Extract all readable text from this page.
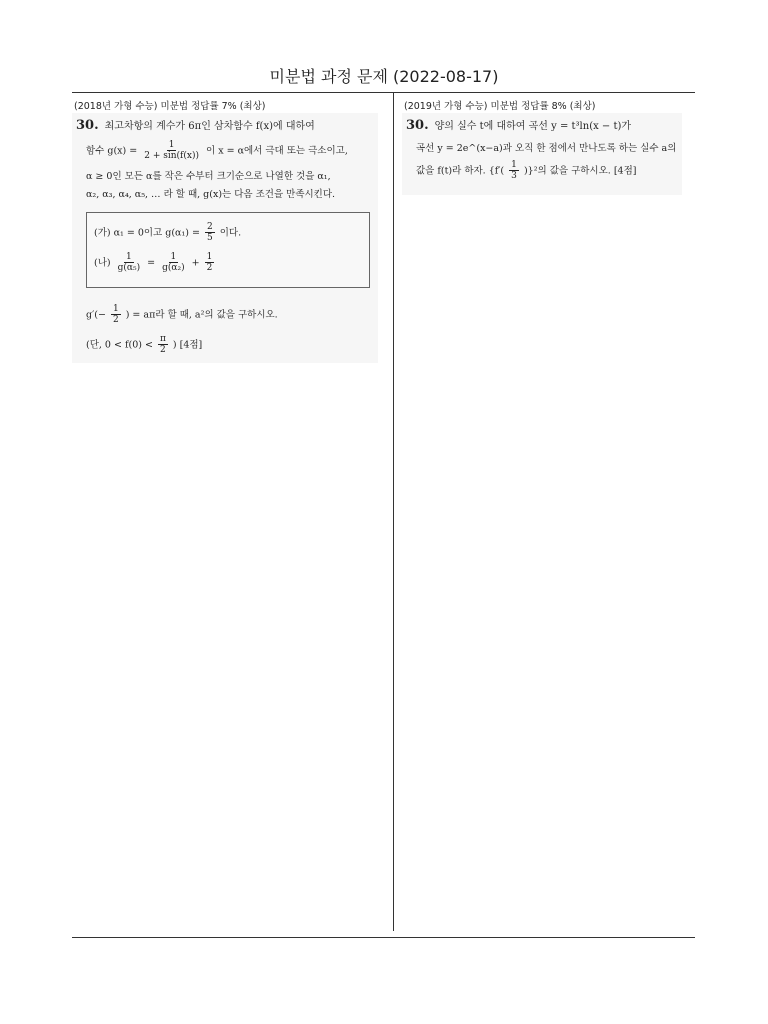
미분법 과정 문제 (2022-08-17)
(2018년 가형 수능) 미분법 정답률 7% (최상)
30. 최고차항의 계수가 6π인 삼차함수 f(x)에 대하여
함수 $g(x) = \frac{1}{2 + \sin(f(x))}$ 이 x = α에서 극대 또는 극소이고,
α ≥ 0인 모든 α를 작은 수부터 크기순으로 나열한 것을 α₁,
α₂, α₃, α₄, α₅, … 라 할 때, g(x)는 다음 조건을 만족시킨다.
(가) α₁ = 0이고 $g(\alpha_1) = \frac{2}{5}$ 이다.
(나) $\frac{1}{\text{g(α₅)}} = \frac{1}{\text{g(α₂)}} + \frac{1}{2}$
$g'(- \frac{1}{2}$ ) = aπ라 할 때, a²의 값을 구하시오.
(단, $0 < f(0) < \frac{\pi}{2}$ ) [4점]
(2019년 가형 수능) 미분법 정답률 8% (최상)
30. 양의 실수 t에 대하여 곡선 y = t³ln(x − t)가
곡선 y = 2e^(x−a)과 오직 한 점에서 만나도록 하는 실수 a의
값을 f(t)라 하자. $\{f'( \frac{1}{3} )\}^2$의 값을 구하시오. [4점]
